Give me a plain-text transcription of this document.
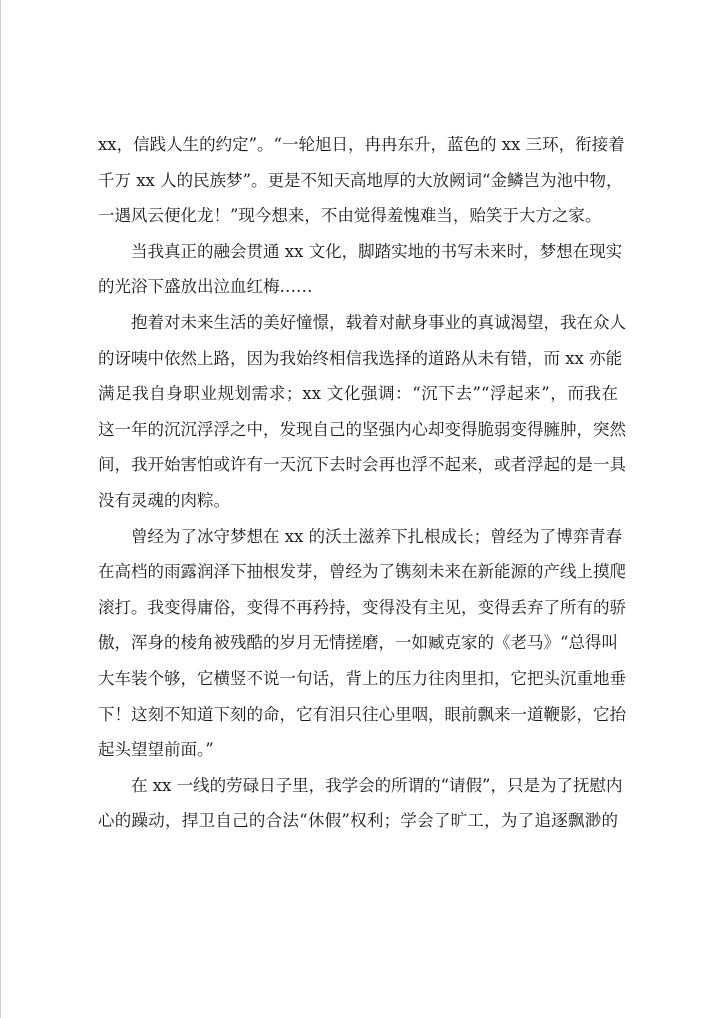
xx，信践人生的约定”。“一轮旭日，冉冉东升，蓝色的 xx 三环，衔接着
千万 xx 人的民族梦”。更是不知天高地厚的大放阙词“金鳞岂为池中物，
一遇风云便化龙！”现今想来，不由觉得羞愧难当，贻笑于大方之家。

当我真正的融会贯通 xx 文化，脚踏实地的书写未来时，梦想在现实
的光浴下盛放出泣血红梅……

抱着对未来生活的美好憧憬，载着对献身事业的真诚渴望，我在众人
的讶咦中依然上路，因为我始终相信我选择的道路从未有错，而 xx 亦能
满足我自身职业规划需求；xx 文化强调：“沉下去”“浮起来”，而我在
这一年的沉沉浮浮之中，发现自己的坚强内心却变得脆弱变得臃肿，突然
间，我开始害怕或许有一天沉下去时会再也浮不起来，或者浮起的是一具
没有灵魂的肉粽。

曾经为了冰守梦想在 xx 的沃土滋养下扎根成长；曾经为了博弈青春
在高档的雨露润泽下抽根发芽，曾经为了镌刻未来在新能源的产线上摸爬
滚打。我变得庸俗，变得不再矜持，变得没有主见，变得丢弃了所有的骄
傲，浑身的棱角被残酷的岁月无情搓磨，一如臧克家的《老马》“总得叫
大车装个够，它横竖不说一句话，背上的压力往肉里扣，它把头沉重地垂
下！这刻不知道下刻的命，它有泪只往心里咽，眼前飘来一道鞭影，它抬
起头望望前面。”

在 xx 一线的劳碌日子里，我学会的所谓的“请假”，只是为了抚慰内
心的躁动，捍卫自己的合法“休假”权利；学会了旷工，为了追逐飘渺的
